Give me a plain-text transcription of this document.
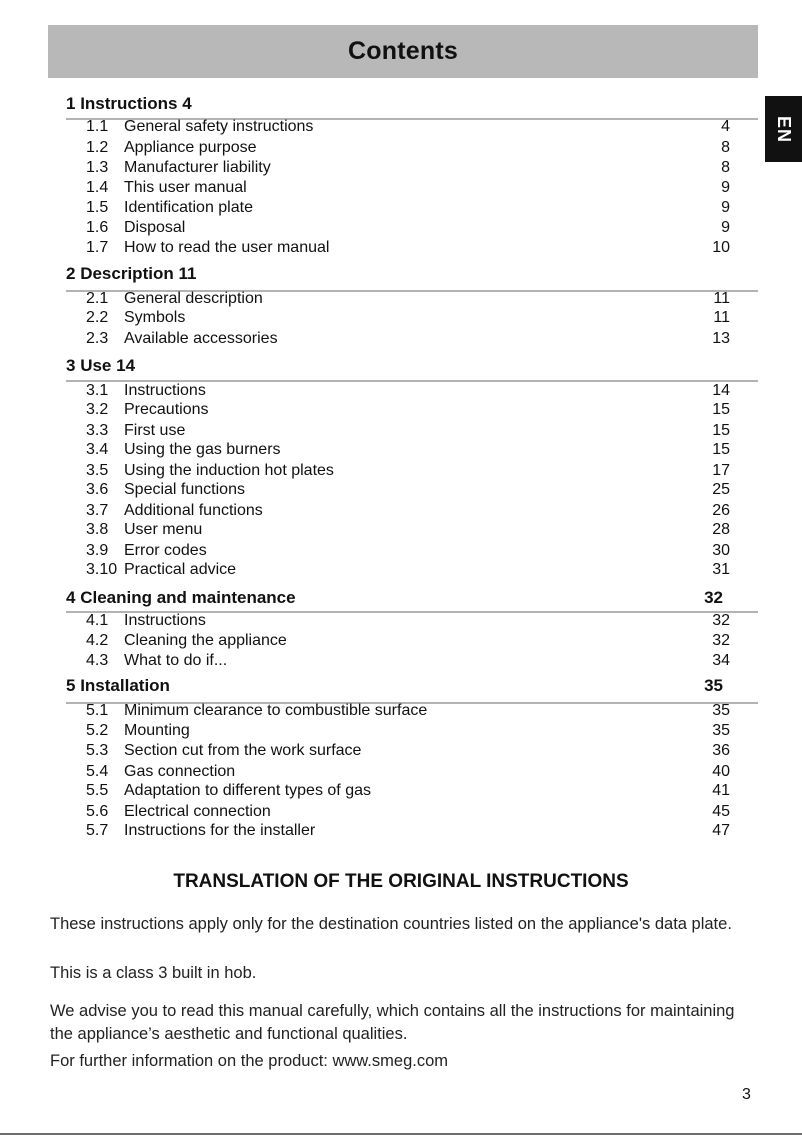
Contents
EN
1 Instructions 4
1.1 General safety instructions	4
1.2 Appliance purpose	8
1.3 Manufacturer liability	8
1.4 This user manual	9
1.5 Identification plate	9
1.6 Disposal	9
1.7 How to read the user manual	10
2 Description 11
2.1 General description	11
2.2 Symbols	11
2.3 Available accessories	13
3 Use 14
3.1 Instructions	14
3.2 Precautions	15
3.3 First use	15
3.4 Using the gas burners	15
3.5 Using the induction hot plates	17
3.6 Special functions	25
3.7 Additional functions	26
3.8 User menu	28
3.9 Error codes	30
3.10 Practical advice	31
4 Cleaning and maintenance	32
4.1 Instructions	32
4.2 Cleaning the appliance	32
4.3 What to do if...	34
5 Installation	35
5.1 Minimum clearance to combustible surface	35
5.2 Mounting	35
5.3 Section cut from the work surface	36
5.4 Gas connection	40
5.5 Adaptation to different types of gas	41
5.6 Electrical connection	45
5.7 Instructions for the installer	47
TRANSLATION OF THE ORIGINAL INSTRUCTIONS

These instructions apply only for the destination countries listed on the appliance's data plate.

This is a class 3 built in hob.

We advise you to read this manual carefully, which contains all the instructions for maintaining the appliance’s aesthetic and functional qualities.

For further information on the product: www.smeg.com

3
